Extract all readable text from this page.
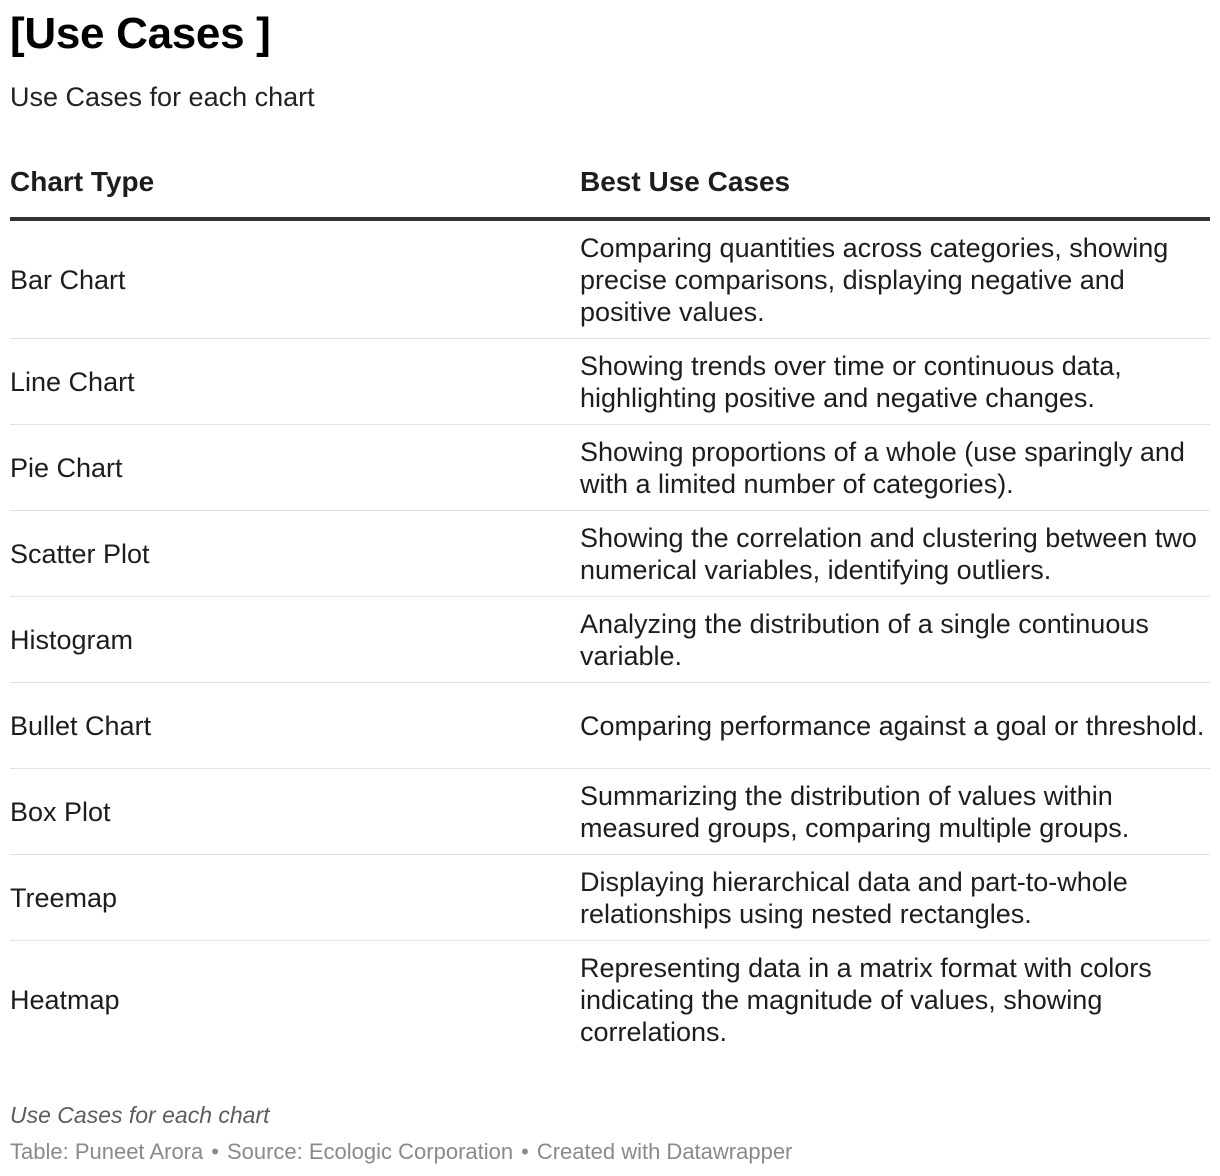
[Use Cases ]

Use Cases for each chart

Chart Type	Best Use Cases
Bar Chart
Comparing quantities across categories, showing precise comparisons, displaying negative and positive values.
Line Chart
Showing trends over time or continuous data, highlighting positive and negative changes.
Pie Chart
Showing proportions of a whole (use sparingly and with a limited number of categories).
Scatter Plot
Showing the correlation and clustering between two numerical variables, identifying outliers.
Histogram
Analyzing the distribution of a single continuous variable.
Bullet Chart	Comparing performance against a goal or threshold.
Box Plot
Summarizing the distribution of values within measured groups, comparing multiple groups.
Treemap
Displaying hierarchical data and part-to-whole relationships using nested rectangles.
Heatmap
Representing data in a matrix format with colors indicating the magnitude of values, showing correlations.

Use Cases for each chart

Table: Puneet Arora • Source: Ecologic Corporation • Created with Datawrapper
